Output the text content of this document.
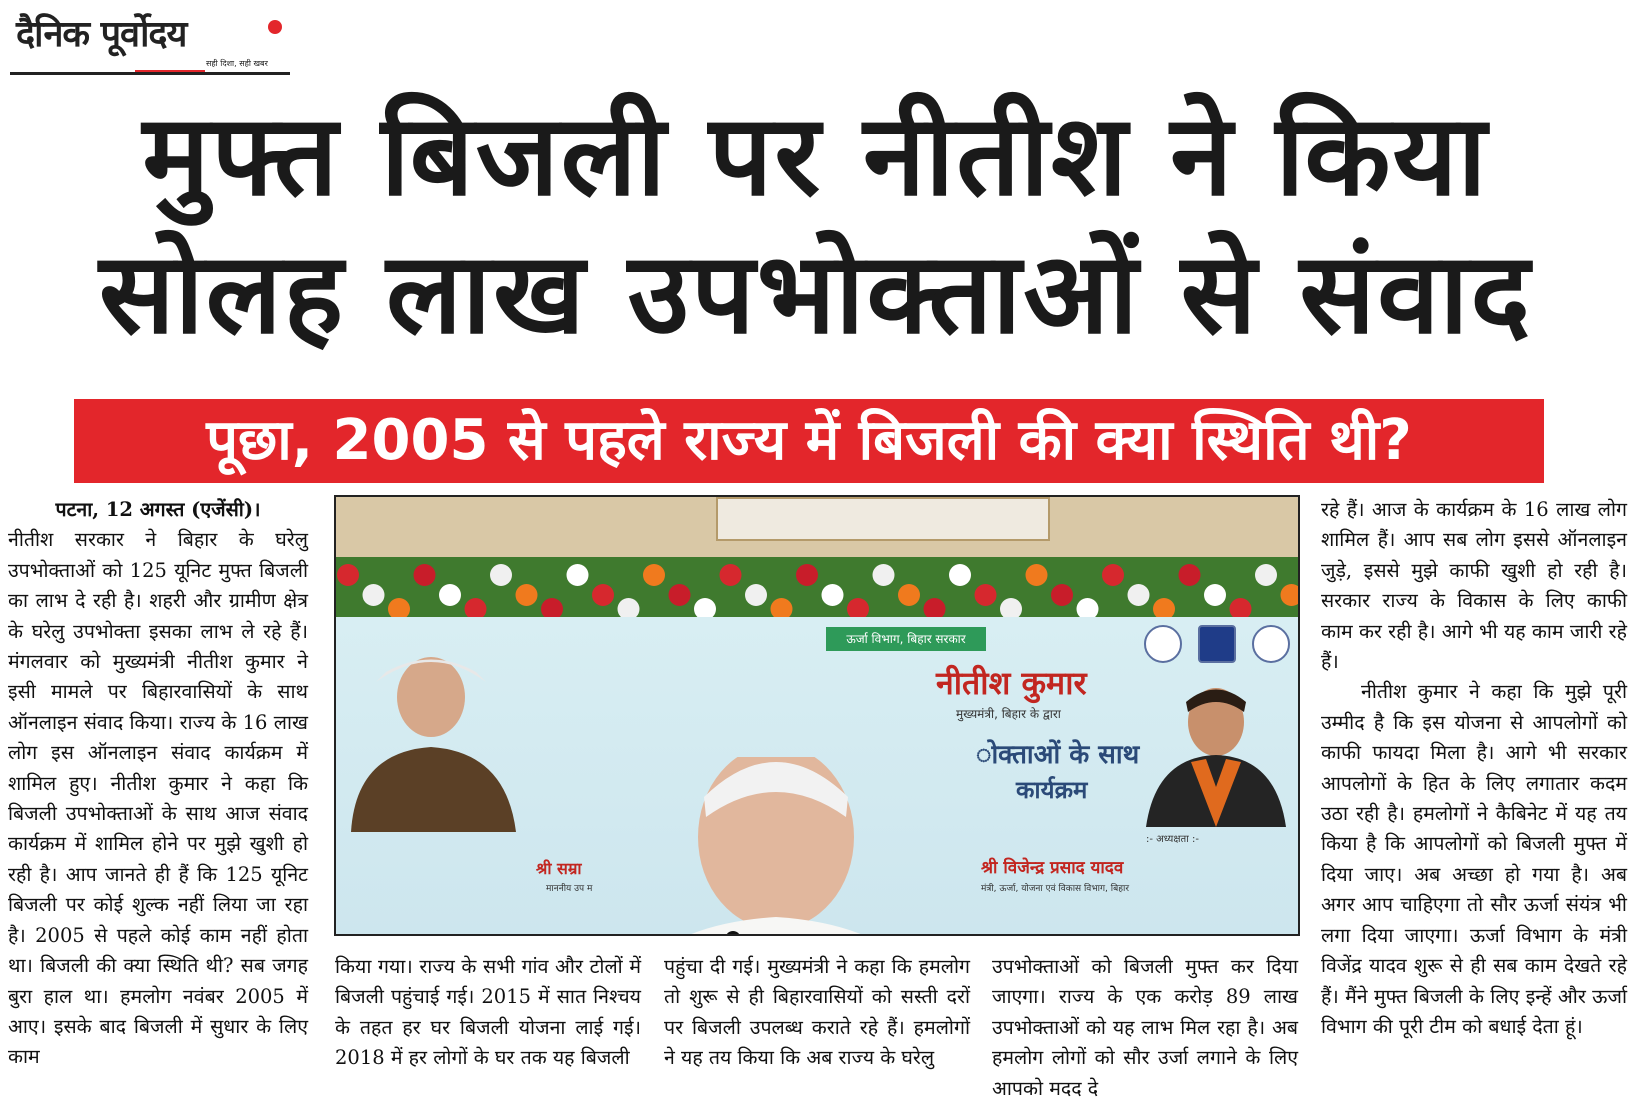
दैनिक पूर्वोदय
सही दिशा, सही खबर
मुफ्त बिजली पर नीतीश ने किया
सोलह लाख उपभोक्ताओं से संवाद
पूछा, 2005 से पहले राज्य में बिजली की क्या स्थिति थी?

पटना, 12 अगस्त (एजेंसी)।

नीतीश सरकार ने बिहार के घरेलु उपभोक्ताओं को 125 यूनिट मुफ्त बिजली का लाभ दे रही है। शहरी और ग्रामीण क्षेत्र के घरेलु उपभोक्ता इसका लाभ ले रहे हैं। मंगलवार को मुख्यमंत्री नीतीश कुमार ने इसी मामले पर बिहारवासियों के साथ ऑनलाइन संवाद किया। राज्य के 16 लाख लोग इस ऑनलाइन संवाद कार्यक्रम में शामिल हुए। नीतीश कुमार ने कहा कि बिजली उपभोक्ताओं के साथ आज संवाद कार्यक्रम में शामिल होने पर मुझे खुशी हो रही है। आप जानते ही हैं कि 125 यूनिट बिजली पर कोई शुल्क नहीं लिया जा रहा है। 2005 से पहले कोई काम नहीं होता था। बिजली की क्या स्थिति थी? सब जगह बुरा हाल था। हमलोग नवंबर 2005 में आए। इसके बाद बिजली में सुधार के लिए काम

ऊर्जा विभाग, बिहार सरकार
नीतीश कुमार
मुख्यमंत्री, बिहार के द्वारा
ोक्ताओं के साथ
कार्यक्रम
:- अध्यक्षता :-
श्री विजेन्द्र प्रसाद यादव
मंत्री, ऊर्जा, योजना एवं विकास विभाग, बिहार
श्री सम्रा
माननीय उप म

किया गया। राज्य के सभी गांव और टोलों में बिजली पहुंचाई गई। 2015 में सात निश्चय के तहत हर घर बिजली योजना लाई गई। 2018 में हर लोगों के घर तक यह बिजली

पहुंचा दी गई। मुख्यमंत्री ने कहा कि हमलोग तो शुरू से ही बिहारवासियों को सस्ती दरों पर बिजली उपलब्ध कराते रहे हैं। हमलोगों ने यह तय किया कि अब राज्य के घरेलु

उपभोक्ताओं को बिजली मुफ्त कर दिया जाएगा। राज्य के एक करोड़ 89 लाख उपभोक्ताओं को यह लाभ मिल रहा है। अब हमलोग लोगों को सौर उर्जा लगाने के लिए आपको मदद दे

रहे हैं। आज के कार्यक्रम के 16 लाख लोग शामिल हैं। आप सब लोग इससे ऑनलाइन जुड़े, इससे मुझे काफी खुशी हो रही है। सरकार राज्य के विकास के लिए काफी काम कर रही है। आगे भी यह काम जारी रहे हैं।

नीतीश कुमार ने कहा कि मुझे पूरी उम्मीद है कि इस योजना से आपलोगों को काफी फायदा मिला है। आगे भी सरकार आपलोगों के हित के लिए लगातार कदम उठा रही है। हमलोगों ने कैबिनेट में यह तय किया है कि आपलोगों को बिजली मुफ्त में दिया जाए। अब अच्छा हो गया है। अब अगर आप चाहिएगा तो सौर ऊर्जा संयंत्र भी लगा दिया जाएगा। ऊर्जा विभाग के मंत्री विजेंद्र यादव शुरू से ही सब काम देखते रहे हैं। मैंने मुफ्त बिजली के लिए इन्हें और ऊर्जा विभाग की पूरी टीम को बधाई देता हूं।
